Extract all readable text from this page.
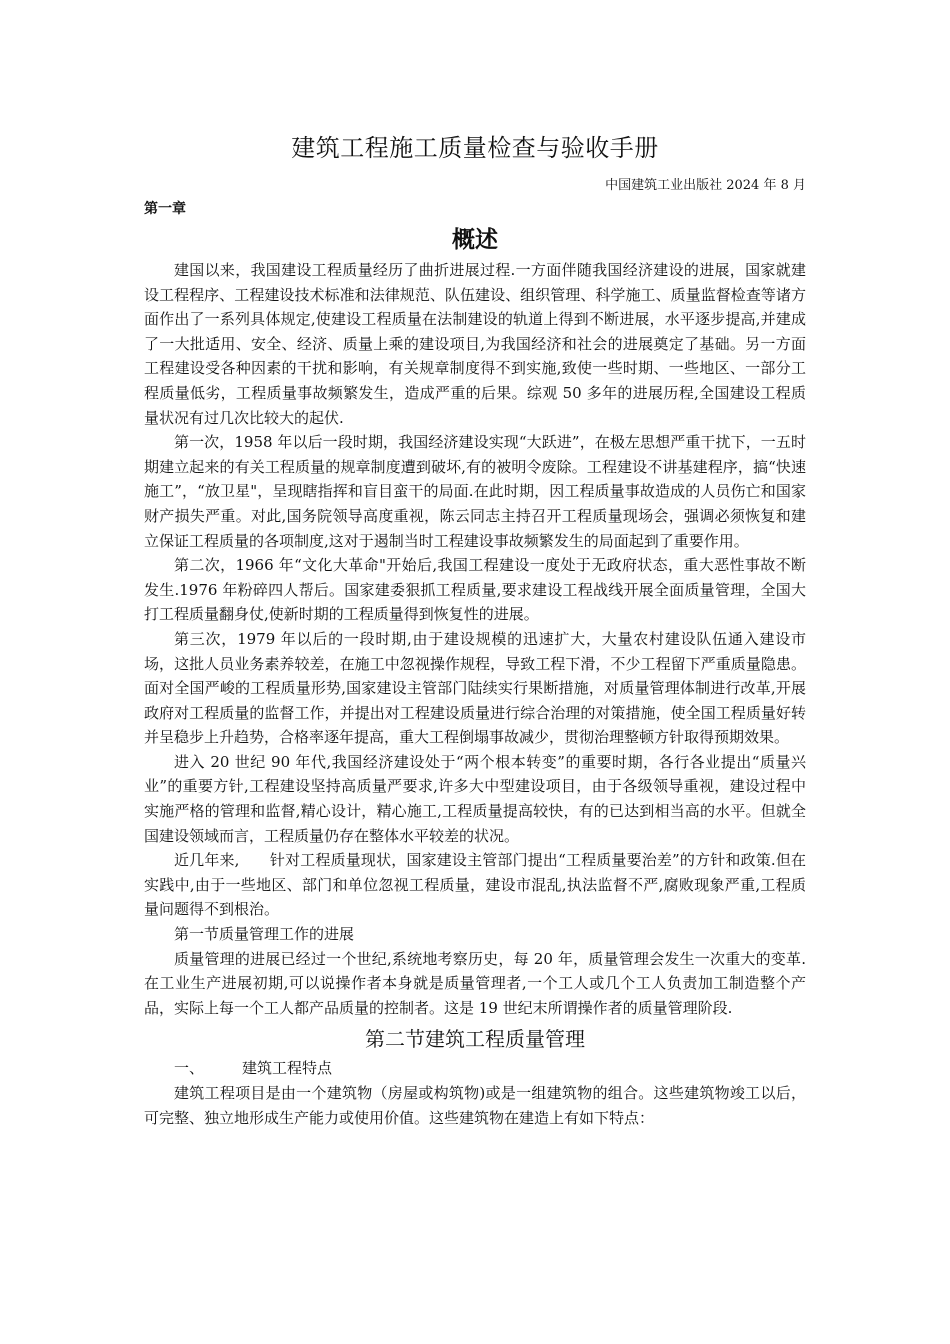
建筑工程施工质量检查与验收手册

中国建筑工业出版社 2024 年 8 月

第一章

概述

建国以来，我国建设工程质量经历了曲折进展过程.一方面伴随我国经济建设的进展，国家就建设工程程序、工程建设技术标准和法律规范、队伍建设、组织管理、科学施工、质量监督检查等诸方面作出了一系列具体规定,使建设工程质量在法制建设的轨道上得到不断进展，水平逐步提高,并建成了一大批适用、安全、经济、质量上乘的建设项目,为我国经济和社会的进展奠定了基础。另一方面工程建设受各种因素的干扰和影响，有关规章制度得不到实施,致使一些时期、一些地区、一部分工程质量低劣，工程质量事故频繁发生，造成严重的后果。综观 50 多年的进展历程,全国建设工程质量状况有过几次比较大的起伏.

第一次，1958 年以后一段时期，我国经济建设实现“大跃进”，在极左思想严重干扰下，一五时期建立起来的有关工程质量的规章制度遭到破坏,有的被明令废除。工程建设不讲基建程序，搞“快速施工”，“放卫星"，呈现瞎指挥和盲目蛮干的局面.在此时期，因工程质量事故造成的人员伤亡和国家财产损失严重。对此,国务院领导高度重视，陈云同志主持召开工程质量现场会，强调必须恢复和建立保证工程质量的各项制度,这对于遏制当时工程建设事故频繁发生的局面起到了重要作用。

第二次，1966 年“文化大革命"开始后,我国工程建设一度处于无政府状态，重大恶性事故不断发生.1976 年粉碎四人帮后。国家建委狠抓工程质量,要求建设工程战线开展全面质量管理，全国大打工程质量翻身仗,使新时期的工程质量得到恢复性的进展。

第三次，1979 年以后的一段时期,由于建设规模的迅速扩大，大量农村建设队伍通入建设市场，这批人员业务素养较差，在施工中忽视操作规程，导致工程下滑，不少工程留下严重质量隐患。面对全国严峻的工程质量形势,国家建设主管部门陆续实行果断措施，对质量管理体制进行改革,开展政府对工程质量的监督工作，并提出对工程建设质量进行综合治理的对策措施，使全国工程质量好转并呈稳步上升趋势，合格率逐年提高，重大工程倒塌事故减少，贯彻治理整顿方针取得预期效果。

进入 20 世纪 90 年代,我国经济建设处于“两个根本转变”的重要时期，各行各业提出“质量兴业”的重要方针,工程建设坚持高质量严要求,许多大中型建设项目，由于各级领导重视，建设过程中实施严格的管理和监督,精心设计，精心施工,工程质量提高较快，有的已达到相当高的水平。但就全国建设领域而言，工程质量仍存在整体水平较差的状况。

近几年来,　　针对工程质量现状，国家建设主管部门提出“工程质量要治差”的方针和政策.但在实践中,由于一些地区、部门和单位忽视工程质量，建设市混乱,执法监督不严,腐败现象严重,工程质量问题得不到根治。

第一节质量管理工作的进展

质量管理的进展已经过一个世纪,系统地考察历史，每 20 年，质量管理会发生一次重大的变革.在工业生产进展初期,可以说操作者本身就是质量管理者,一个工人或几个工人负责加工制造整个产品，实际上每一个工人都产品质量的控制者。这是 19 世纪末所谓操作者的质量管理阶段.

第二节建筑工程质量管理

一、	建筑工程特点

建筑工程项目是由一个建筑物（房屋或构筑物)或是一组建筑物的组合。这些建筑物竣工以后，可完整、独立地形成生产能力或使用价值。这些建筑物在建造上有如下特点：
